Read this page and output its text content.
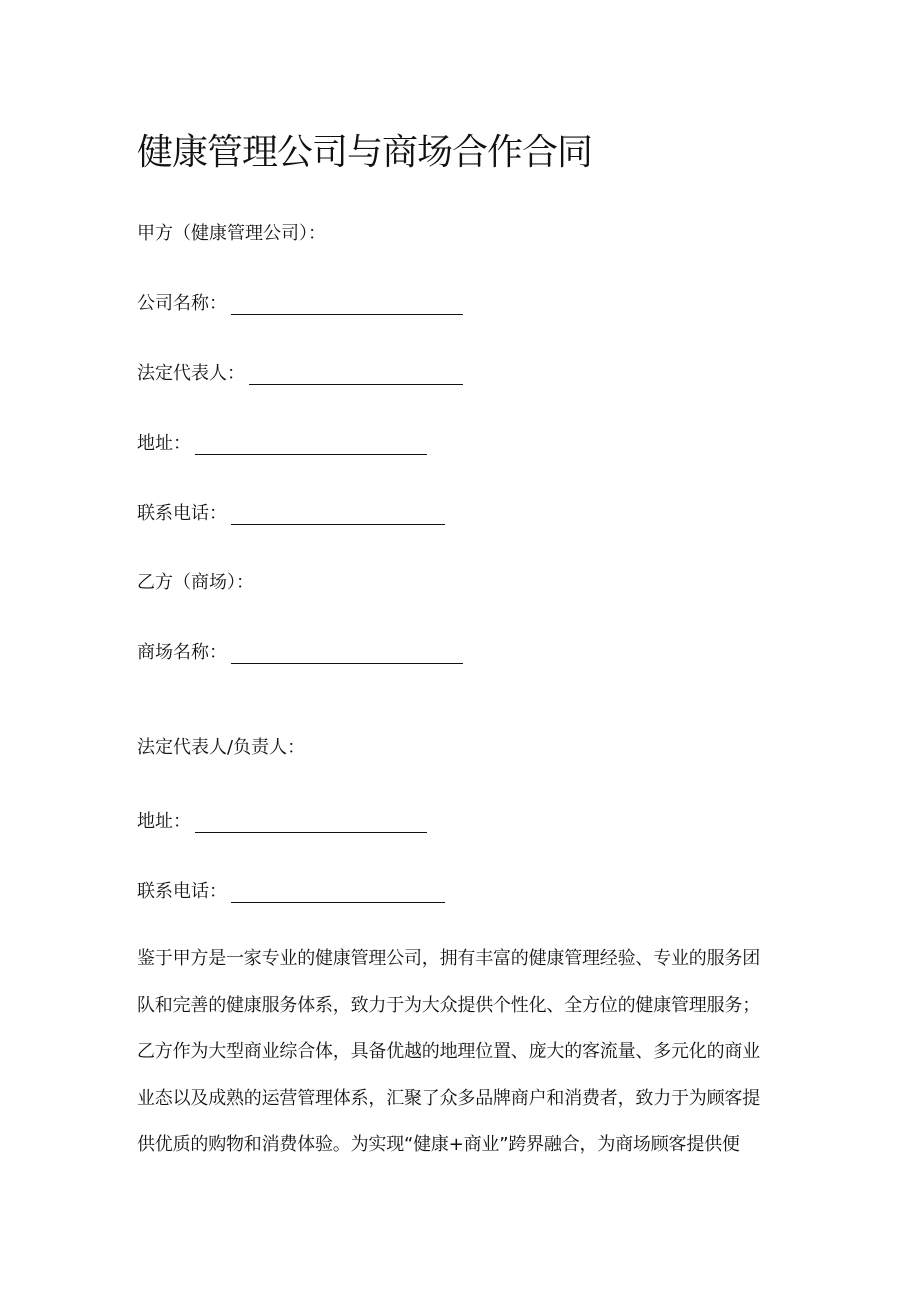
健康管理公司与商场合作合同
甲方（健康管理公司）：
公司名称：
法定代表人：
地址：
联系电话：
乙方（商场）：
商场名称：
法定代表人/负责人：
地址：
联系电话：
鉴于甲方是一家专业的健康管理公司，拥有丰富的健康管理经验、专业的服务团
队和完善的健康服务体系，致力于为大众提供个性化、全方位的健康管理服务；
乙方作为大型商业综合体，具备优越的地理位置、庞大的客流量、多元化的商业
业态以及成熟的运营管理体系，汇聚了众多品牌商户和消费者，致力于为顾客提
供优质的购物和消费体验。为实现“健康+商业”跨界融合，为商场顾客提供便
